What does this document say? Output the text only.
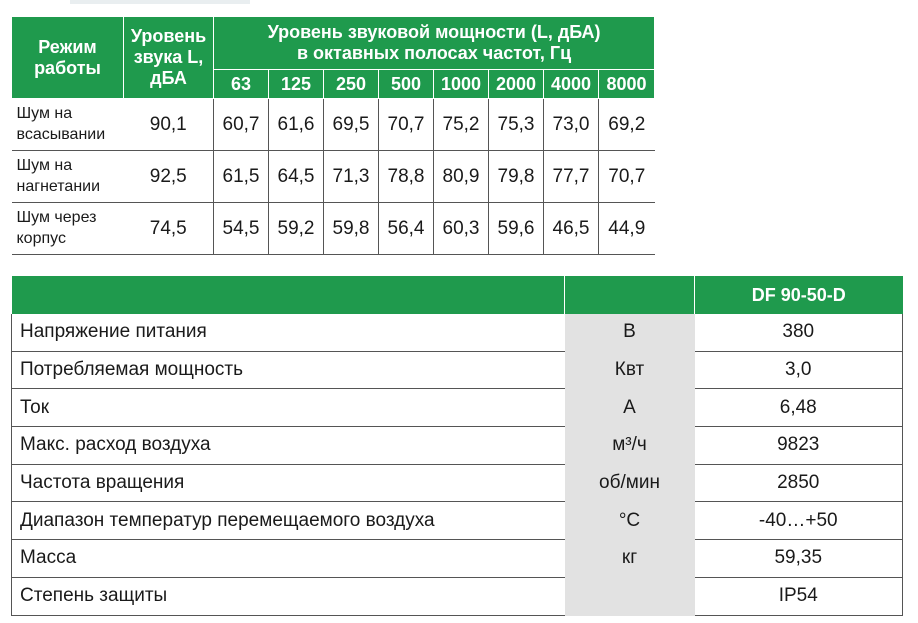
Режим работы	Уровень звука L, дБА	Уровень звуковой мощности (L, дБА)
в октавных полосах частот, Гц							

		63	125	250	500	1000	2000	4000	8000
Шум на всасывании	90,1	60,7	61,6	69,5	70,7	75,2	75,3	73,0	69,2
Шум на нагнетании	92,5	61,5	64,5	71,3	78,8	80,9	79,8	77,7	70,7
Шум через корпус	74,5	54,5	59,2	59,8	56,4	60,3	59,6	46,5	44,9
		DF 90-50-D
Напряжение питания	В	380
Потребляемая мощность	Квт	3,0
Ток	А	6,48
Макс. расход воздуха	м³/ч	9823
Частота вращения	об/мин	2850
Диапазон температур перемещаемого воздуха	°С	-40…+50
Масса	кг	59,35
Степень защиты		IP54
